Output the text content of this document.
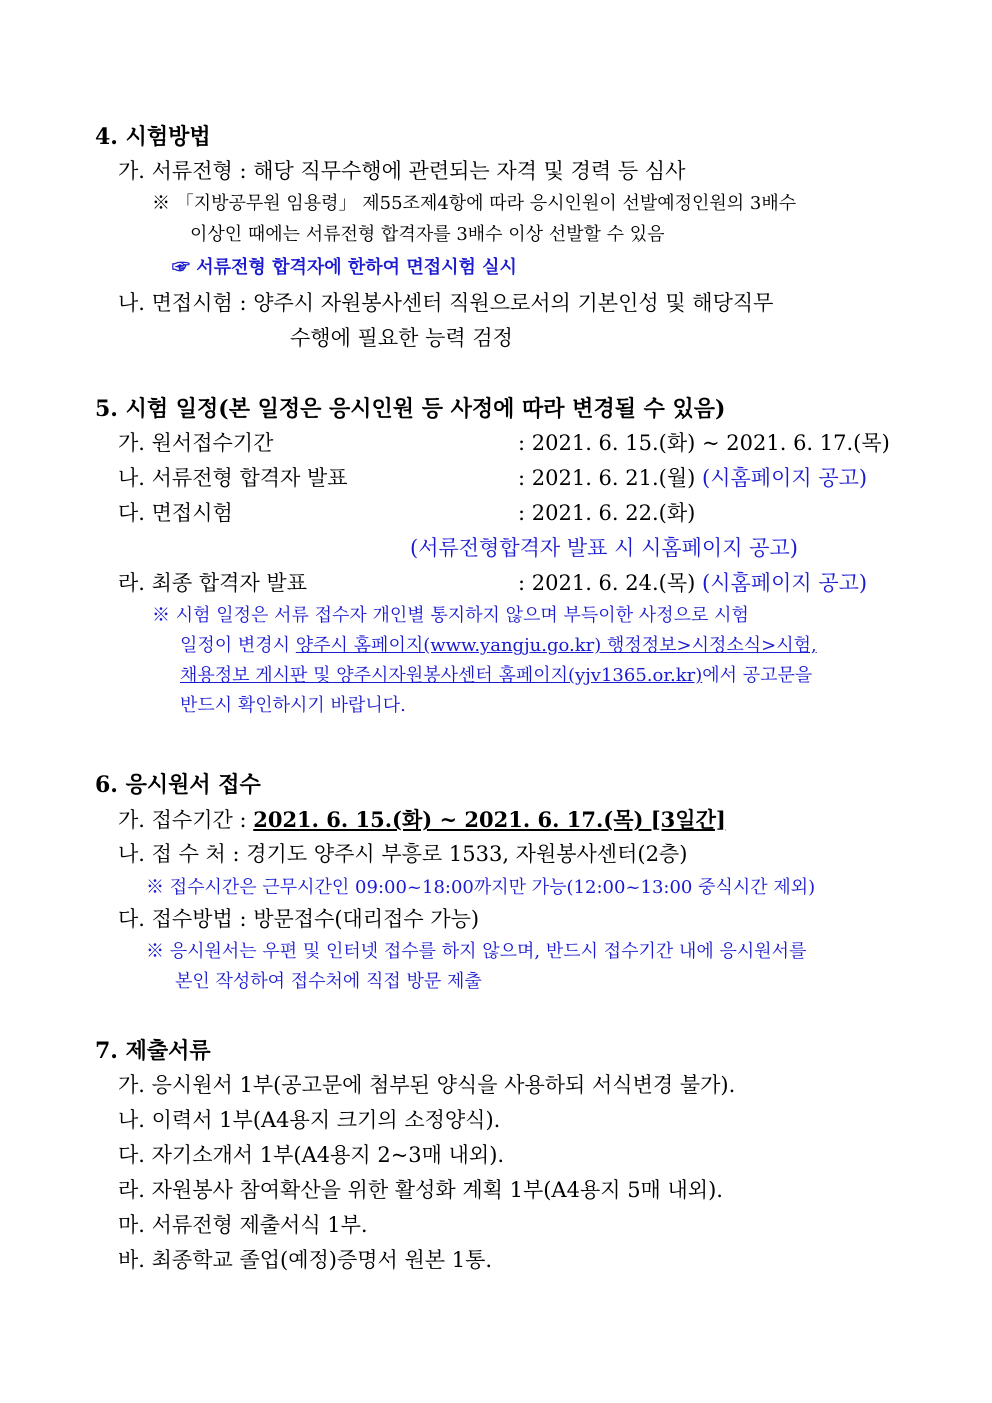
4. 시험방법
가. 서류전형 : 해당 직무수행에 관련되는 자격 및 경력 등 심사
※ 「지방공무원 임용령」 제55조제4항에 따라 응시인원이 선발예정인원의 3배수
이상인 때에는 서류전형 합격자를 3배수 이상 선발할 수 있음
☞ 서류전형 합격자에 한하여 면접시험 실시
나. 면접시험 : 양주시 자원봉사센터 직원으로서의 기본인성 및 해당직무
수행에 필요한 능력 검정
5. 시험 일정(본 일정은 응시인원 등 사정에 따라 변경될 수 있음)
가. 원서접수기간	: 2021. 6. 15.(화) ~ 2021. 6. 17.(목)
나. 서류전형 합격자 발표	: 2021. 6. 21.(월) (시홈페이지 공고)
다. 면접시험	: 2021. 6. 22.(화)
(서류전형합격자 발표 시 시홈페이지 공고)
라. 최종 합격자 발표	: 2021. 6. 24.(목) (시홈페이지 공고)
※ 시험 일정은 서류 접수자 개인별 통지하지 않으며 부득이한 사정으로 시험
일정이 변경시 양주시 홈페이지(www.yangju.go.kr) 행정정보>시정소식>시험,
채용정보 게시판 및 양주시자원봉사센터 홈페이지(yjv1365.or.kr)에서 공고문을
반드시 확인하시기 바랍니다.
6. 응시원서 접수
가. 접수기간 : 2021. 6. 15.(화) ~ 2021. 6. 17.(목) [3일간]
나. 접 수 처 : 경기도 양주시 부흥로 1533, 자원봉사센터(2층)
※ 접수시간은 근무시간인 09:00~18:00까지만 가능(12:00~13:00 중식시간 제외)
다. 접수방법 : 방문접수(대리접수 가능)
※ 응시원서는 우편 및 인터넷 접수를 하지 않으며, 반드시 접수기간 내에 응시원서를
본인 작성하여 접수처에 직접 방문 제출
7. 제출서류
가. 응시원서 1부(공고문에 첨부된 양식을 사용하되 서식변경 불가).
나. 이력서 1부(A4용지 크기의 소정양식).
다. 자기소개서 1부(A4용지 2~3매 내외).
라. 자원봉사 참여확산을 위한 활성화 계획 1부(A4용지 5매 내외).
마. 서류전형 제출서식 1부.
바. 최종학교 졸업(예정)증명서 원본 1통.
